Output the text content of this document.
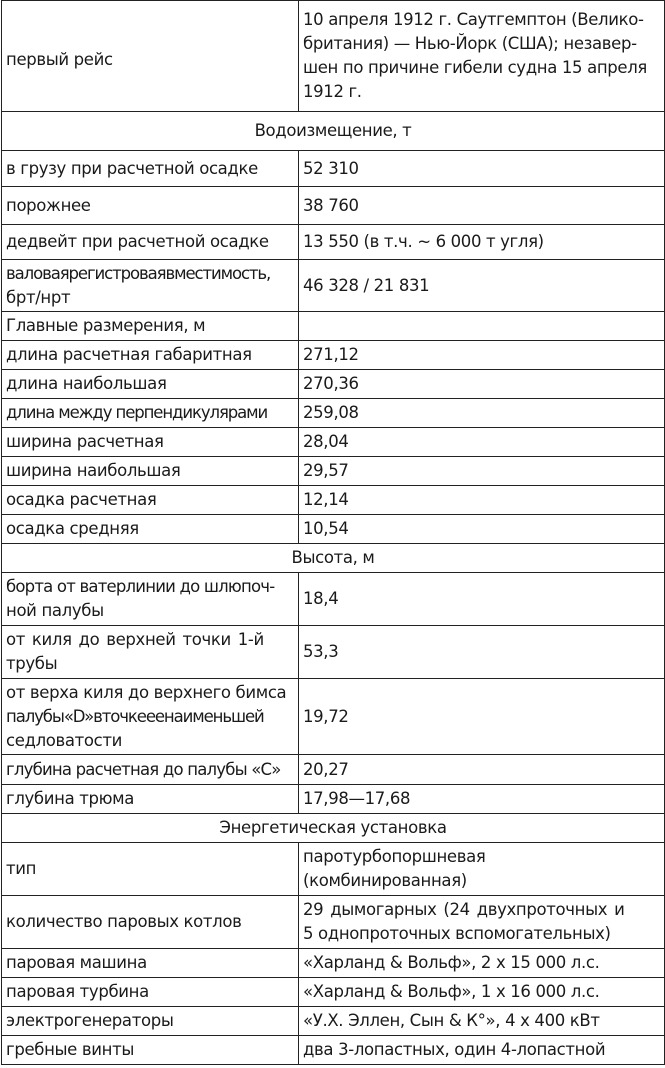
первый рейс	10 апреля 1912 г. Саутгемптон (Велико-
британия) — Нью-Йорк (США); незавер-
шен по причине гибели судна 15 апреля
1912 г.

Водоизмещение, т	
в грузу при расчетной осадке	52 310
порожнее	38 760
дедвейт при расчетной осадке	13 550 (в т.ч. ~ 6 000 т угля)

валоваярегистроваявместимость,
брт/нрт	46 328 / 21 831
Главные размерения, м	
длина расчетная габаритная	271,12
длина наибольшая	270,36
длина между перпендикулярами	259,08
ширина расчетная	28,04
ширина наибольшая	29,57
осадка расчетная	12,14
осадка средняя	10,54
Высота, м	

борта от ватерлинии до шлюпоч-
ной палубы	18,4

от киля до верхней точки 1-й
трубы	53,3

от верха киля до верхнего бимса
палубы«D»вточкееенаименьшей
седловатости	19,72
глубина расчетная до палубы «С»	20,27
глубина трюма	17,98—17,68
Энергетическая установка	
тип	паротурбопоршневая
(комбинированная)

количество паровых котлов	29 дымогарных (24 двухпроточных и
5 однопроточных вспомогательных)

паровая машина	«Харланд & Вольф», 2 х 15 000 л.с.
паровая турбина	«Харланд & Вольф», 1 х 16 000 л.с.
электрогенераторы	«У.Х. Эллен, Сын & К°», 4 х 400 кВт
гребные винты	два 3-лопастных, один 4-лопастной
